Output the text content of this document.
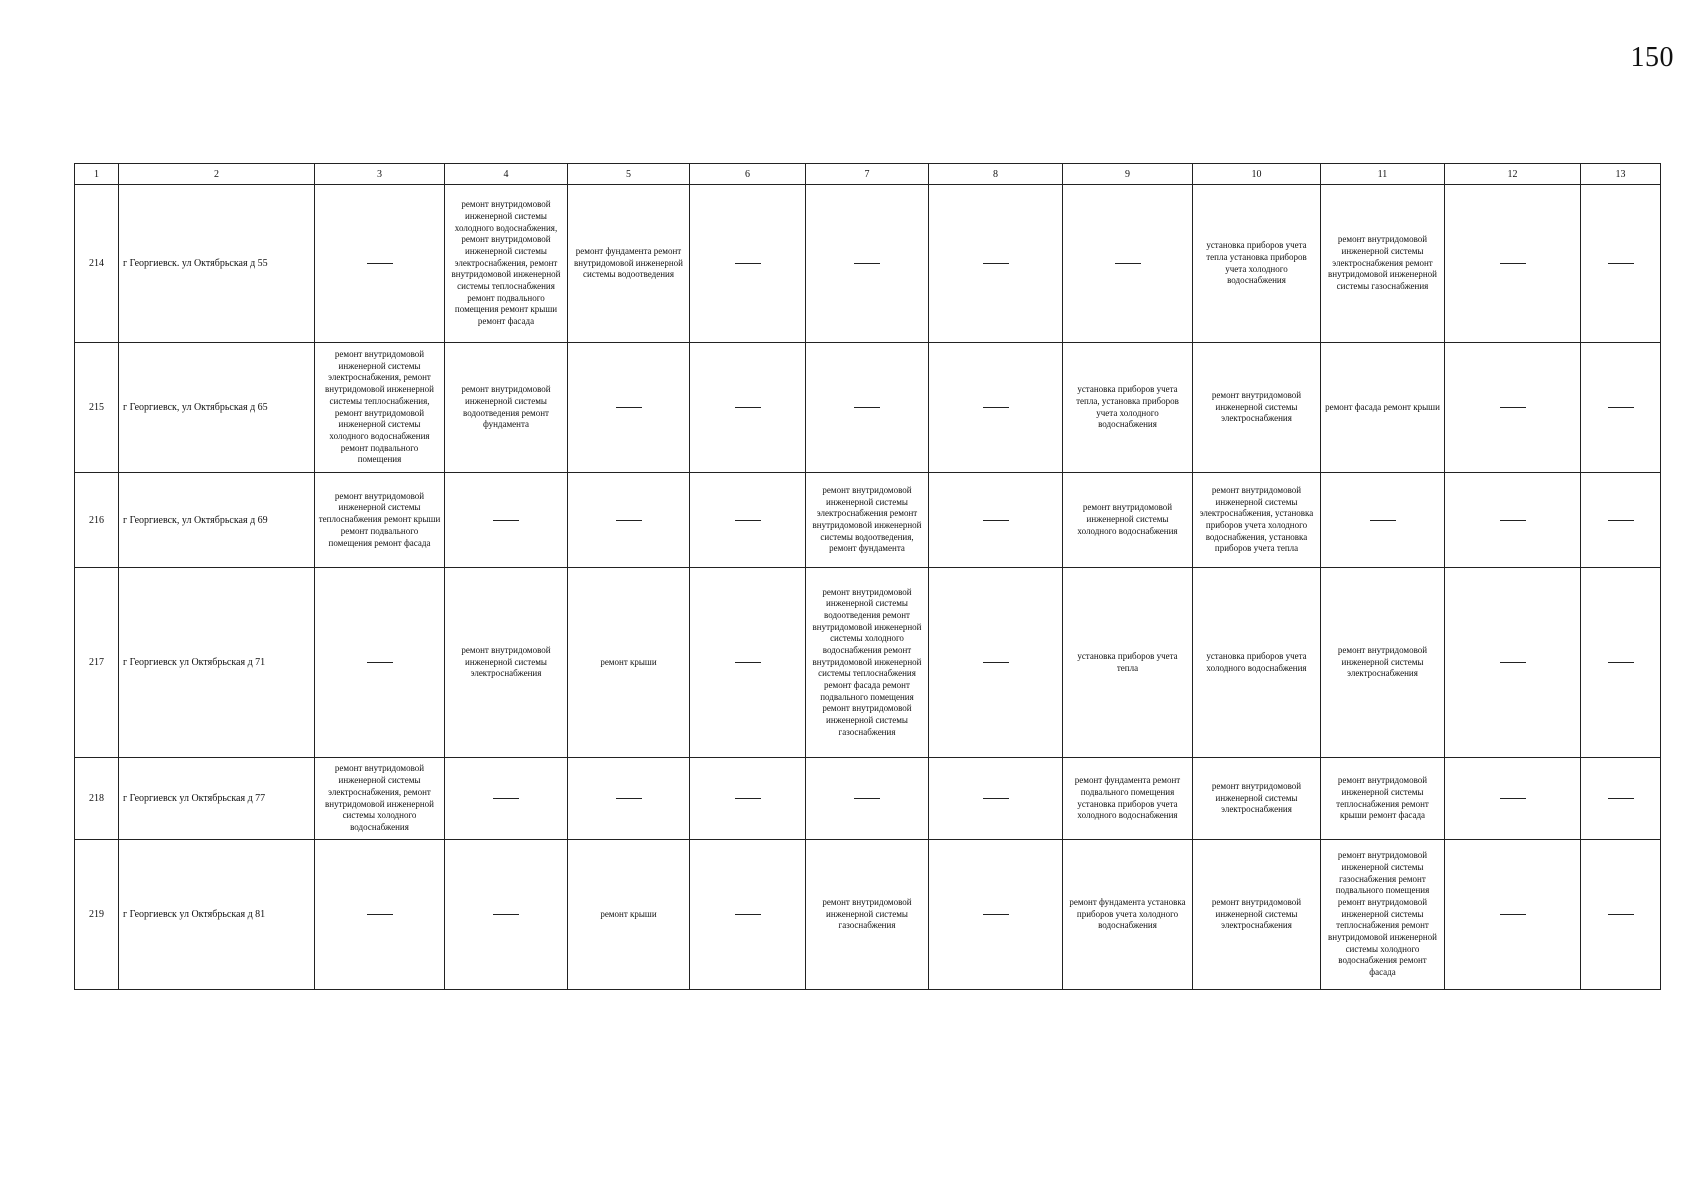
150
1	2	3	4	5	6	7	8	9	10	11	12	13
214	г Георгиевск. ул Октябрьская д 55		ремонт внутридомовой инженерной системы холодного водоснабжения, ремонт внутридомовой инженерной системы электроснабжения, ремонт внутридомовой инженерной системы теплоснабжения ремонт подвального помещения ремонт крыши ремонт фасада	ремонт фундамента ремонт внутридомовой инженерной системы водоотведения					установка приборов учета тепла установка приборов учета холодного водоснабжения	ремонт внутридомовой инженерной системы электроснабжения ремонт внутридомовой инженерной системы газоснабжения		
215	г Георгиевск, ул Октябрьская д 65	ремонт внутридомовой инженерной системы электроснабжения, ремонт внутридомовой инженерной системы теплоснабжения, ремонт внутридомовой инженерной системы холодного водоснабжения ремонт подвального помещения	ремонт внутридомовой инженерной системы водоотведения ремонт фундамента					установка приборов учета тепла, установка приборов учета холодного водоснабжения	ремонт внутридомовой инженерной системы электроснабжения	ремонт фасада ремонт крыши		
216	г Георгиевск, ул Октябрьская д 69	ремонт внутридомовой инженерной системы теплоснабжения ремонт крыши ремонт подвального помещения ремонт фасада				ремонт внутридомовой инженерной системы электроснабжения ремонт внутридомовой инженерной системы водоотведения, ремонт фундамента		ремонт внутридомовой инженерной системы холодного водоснабжения	ремонт внутридомовой инженерной системы электроснабжения, установка приборов учета холодного водоснабжения, установка приборов учета тепла			
217	г Георгиевск ул Октябрьская д 71		ремонт внутридомовой инженерной системы электроснабжения	ремонт крыши		ремонт внутридомовой инженерной системы водоотведения ремонт внутридомовой инженерной системы холодного водоснабжения ремонт внутридомовой инженерной системы теплоснабжения ремонт фасада ремонт подвального помещения ремонт внутридомовой инженерной системы газоснабжения		установка приборов учета тепла	установка приборов учета холодного водоснабжения	ремонт внутридомовой инженерной системы электроснабжения		
218	г Георгиевск ул Октябрьская д 77	ремонт внутридомовой инженерной системы электроснабжения, ремонт внутридомовой инженерной системы холодного водоснабжения						ремонт фундамента ремонт подвального помещения установка приборов учета холодного водоснабжения	ремонт внутридомовой инженерной системы электроснабжения	ремонт внутридомовой инженерной системы теплоснабжения ремонт крыши ремонт фасада		
219	г Георгиевск ул Октябрьская д 81			ремонт крыши		ремонт внутридомовой инженерной системы газоснабжения		ремонт фундамента установка приборов учета холодного водоснабжения	ремонт внутридомовой инженерной системы электроснабжения	ремонт внутридомовой инженерной системы газоснабжения ремонт подвального помещения ремонт внутридомовой инженерной системы теплоснабжения ремонт внутридомовой инженерной системы холодного водоснабжения ремонт фасада		
